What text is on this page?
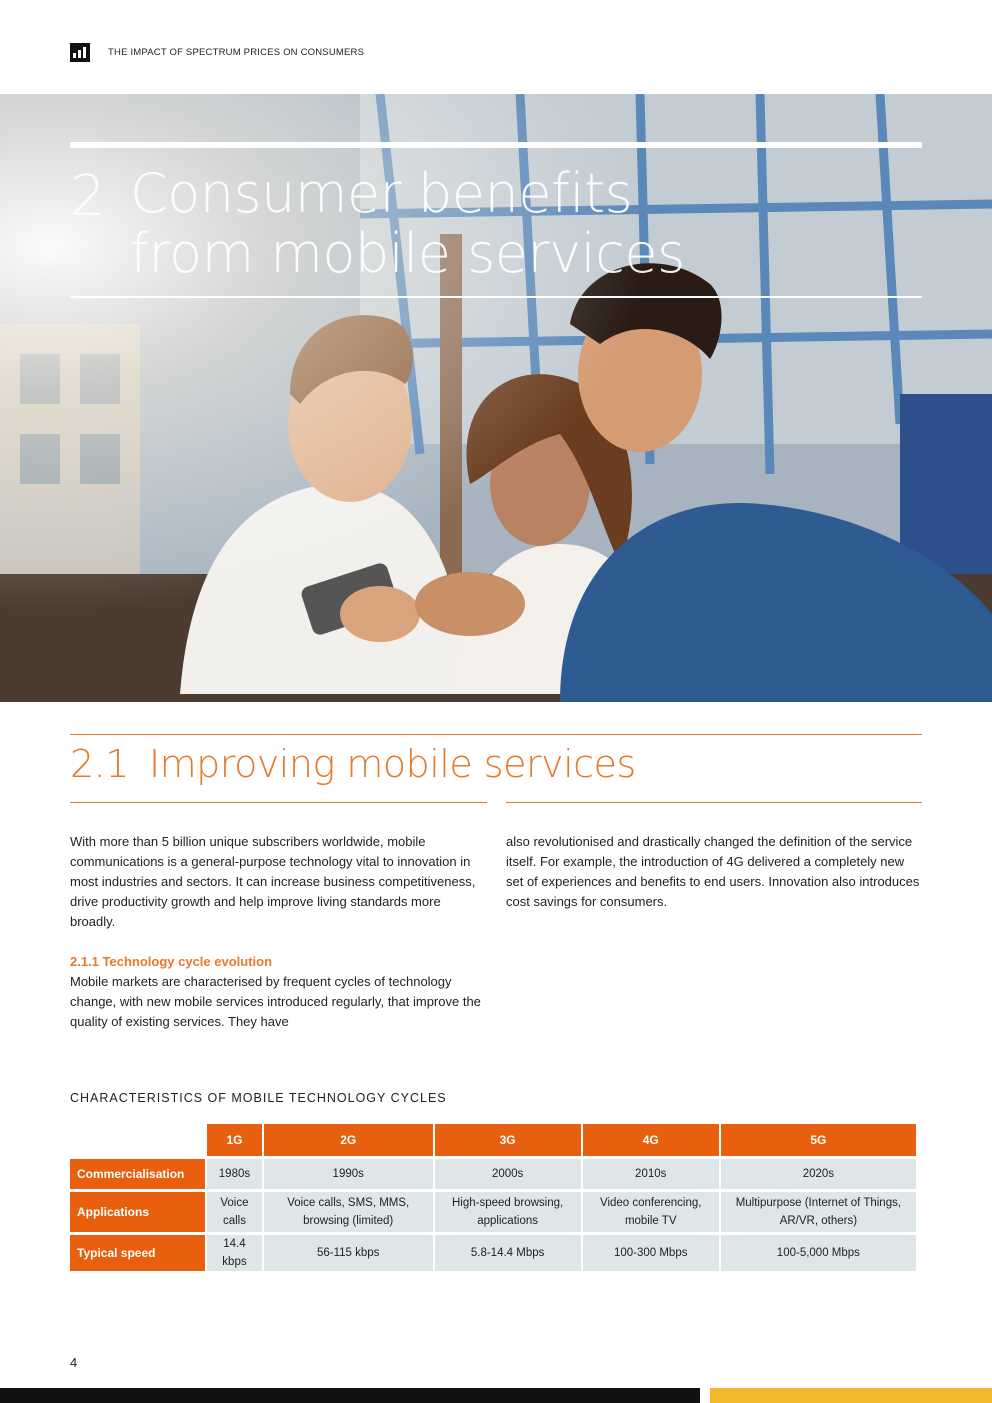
THE IMPACT OF SPECTRUM PRICES ON CONSUMERS
2 Consumer benefits from mobile services
2.1 Improving mobile services

With more than 5 billion unique subscribers worldwide, mobile communications is a general-purpose technology vital to innovation in most industries and sectors. It can increase business competitiveness, drive productivity growth and help improve living standards more broadly.

2.1.1 Technology cycle evolution
Mobile markets are characterised by frequent cycles of technology change, with new mobile services introduced regularly, that improve the quality of existing services. They have

also revolutionised and drastically changed the definition of the service itself. For example, the introduction of 4G delivered a completely new set of experiences and benefits to end users. Innovation also introduces cost savings for consumers.

CHARACTERISTICS OF MOBILE TECHNOLOGY CYCLES
	1G	2G	3G	4G	5G
Commercialisation	1980s	1990s	2000s	2010s	2020s
Applications	Voice calls	Voice calls, SMS, MMS, browsing (limited)	High-speed browsing, applications	Video conferencing, mobile TV	Multipurpose (Internet of Things, AR/VR, others)
Typical speed	14.4 kbps	56-115 kbps	5.8-14.4 Mbps	100-300 Mbps	100-5,000 Mbps
4
